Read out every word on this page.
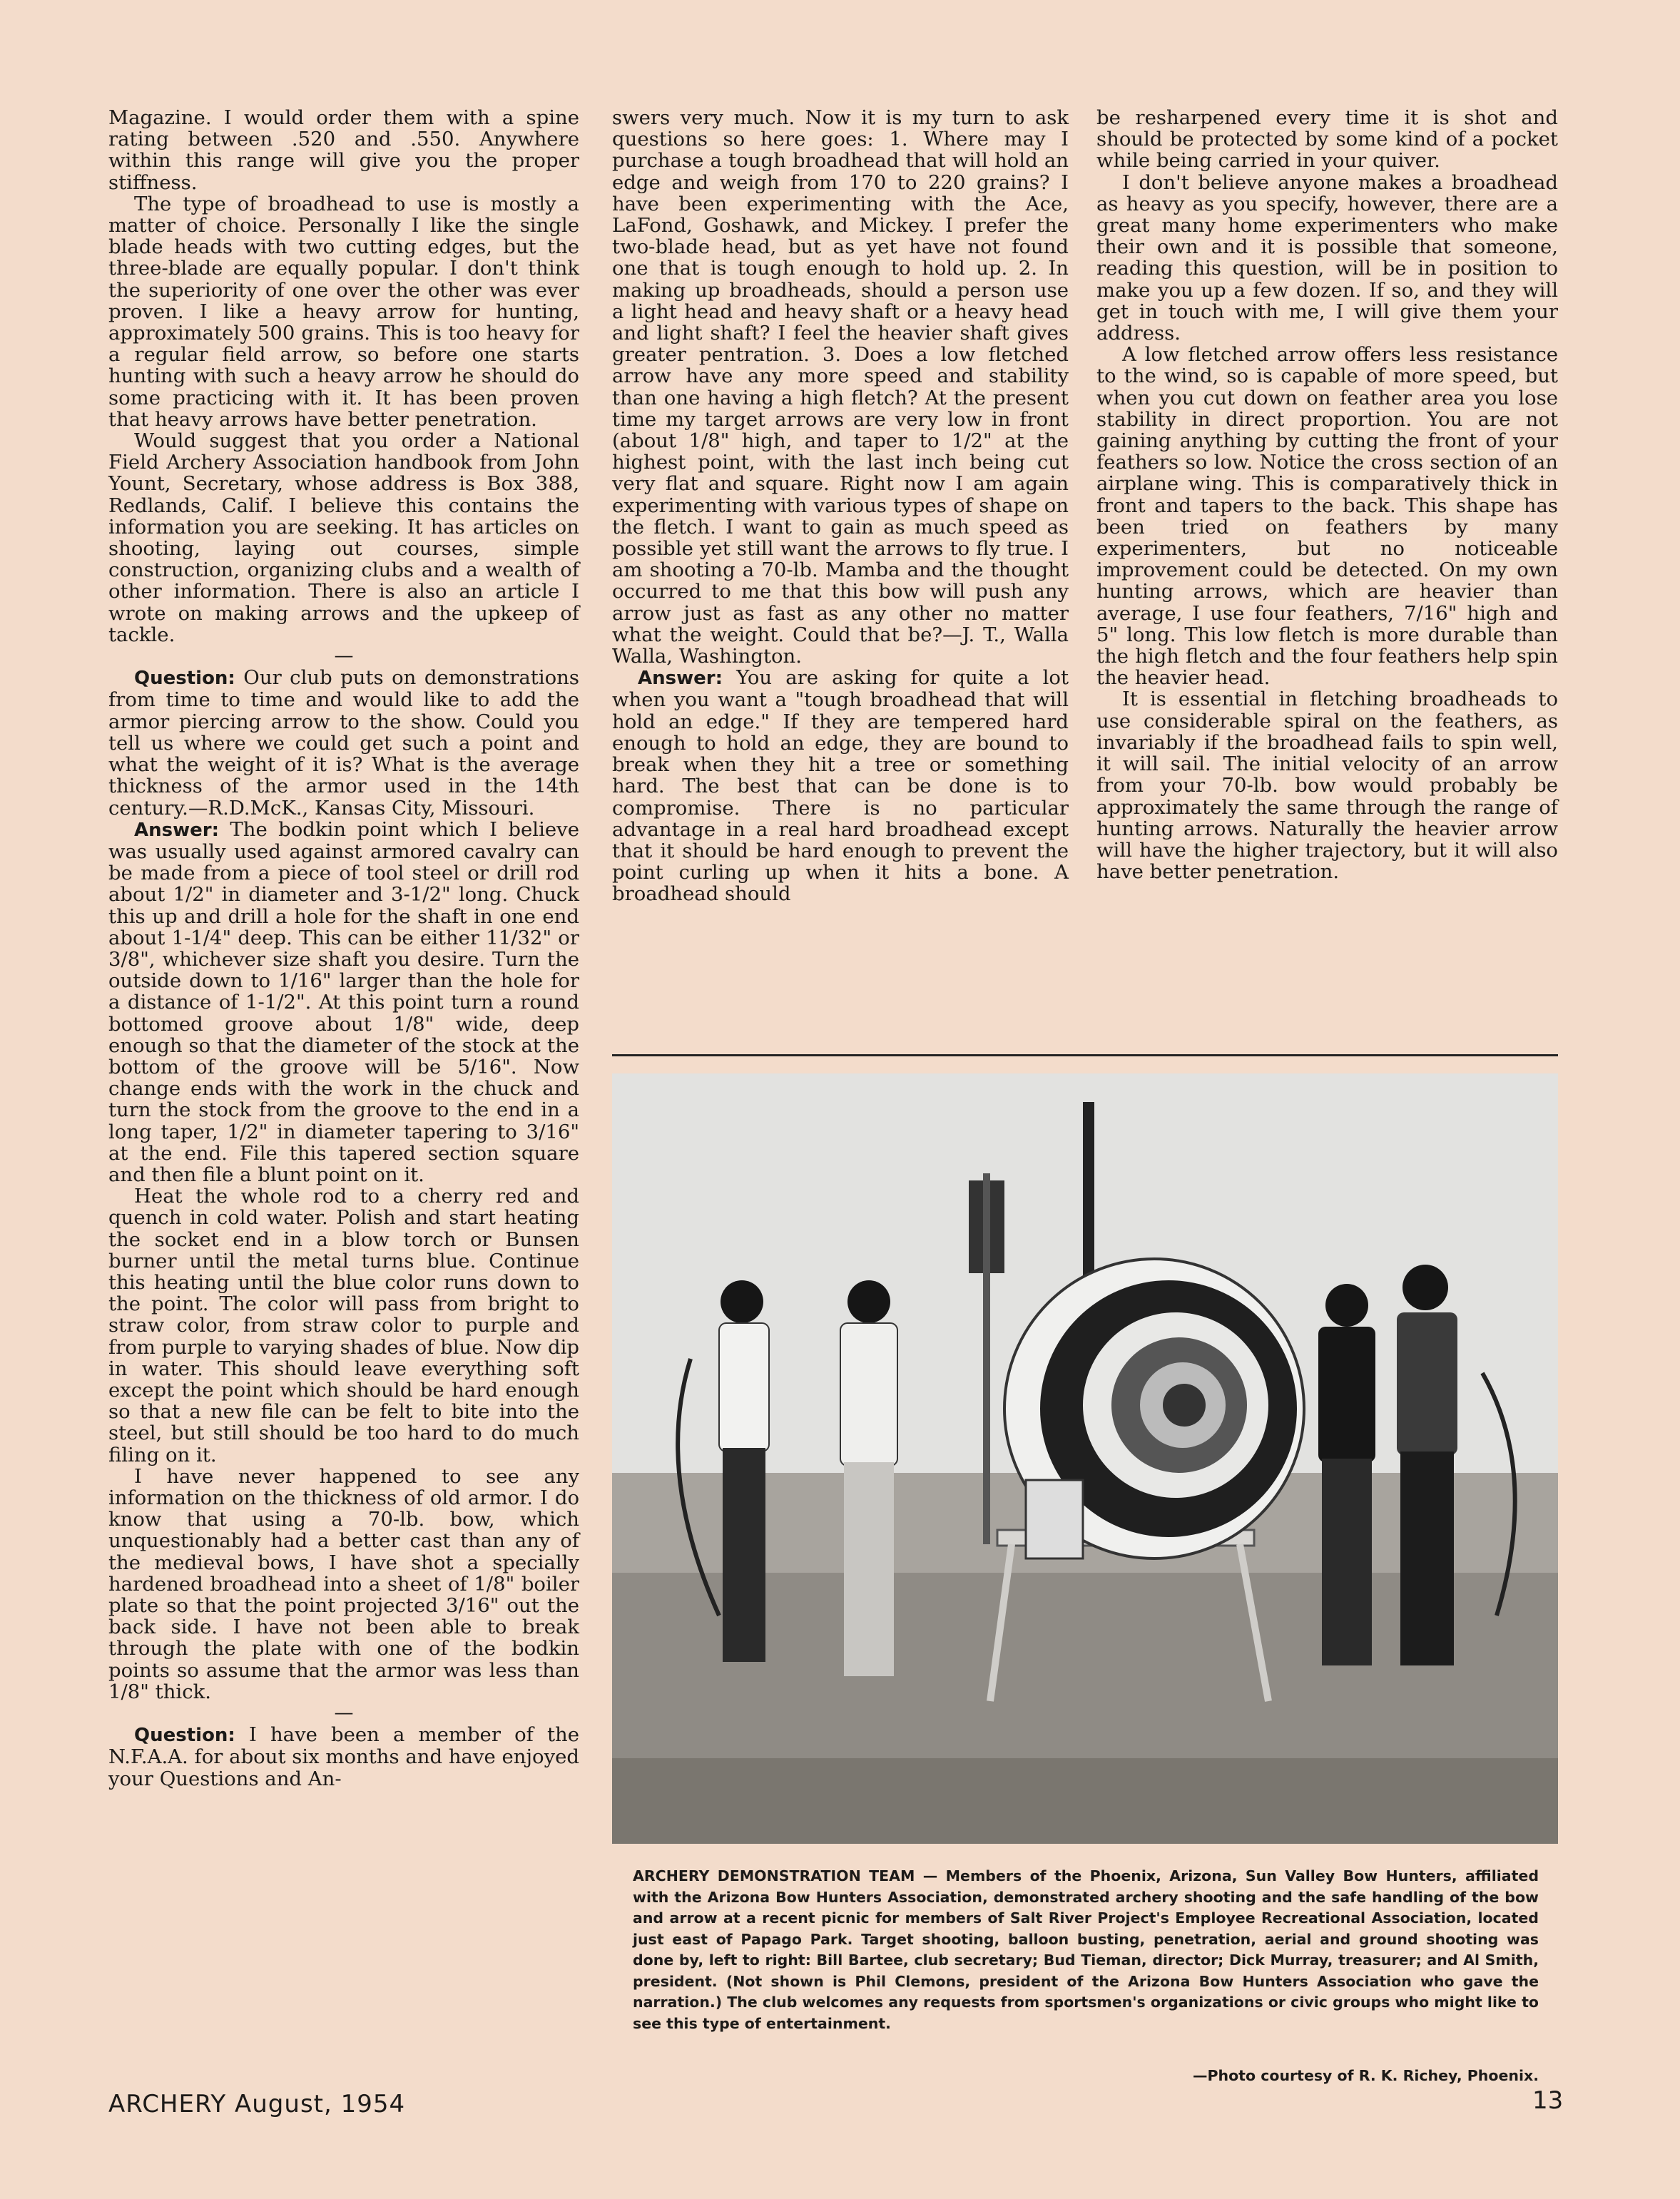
Magazine. I would order them with a spine rating between .520 and .550. Anywhere within this range will give you the proper stiffness.

The type of broadhead to use is mostly a matter of choice. Personally I like the single blade heads with two cutting edges, but the three-blade are equally popular. I don't think the superiority of one over the other was ever proven. I like a heavy arrow for hunting, approximately 500 grains. This is too heavy for a regular field arrow, so before one starts hunting with such a heavy arrow he should do some practicing with it. It has been proven that heavy arrows have better penetration.

Would suggest that you order a National Field Archery Association handbook from John Yount, Secretary, whose address is Box 388, Redlands, Calif. I believe this contains the information you are seeking. It has articles on shooting, laying out courses, simple construction, organizing clubs and a wealth of other information. There is also an article I wrote on making arrows and the upkeep of tackle.

—

Question: Our club puts on demonstrations from time to time and would like to add the armor piercing arrow to the show. Could you tell us where we could get such a point and what the weight of it is? What is the average thickness of the armor used in the 14th century.—R.D.McK., Kansas City, Missouri.

Answer: The bodkin point which I believe was usually used against armored cavalry can be made from a piece of tool steel or drill rod about 1/2" in diameter and 3-1/2" long. Chuck this up and drill a hole for the shaft in one end about 1-1/4" deep. This can be either 11/32" or 3/8", whichever size shaft you desire. Turn the outside down to 1/16" larger than the hole for a distance of 1-1/2". At this point turn a round bottomed groove about 1/8" wide, deep enough so that the diameter of the stock at the bottom of the groove will be 5/16". Now change ends with the work in the chuck and turn the stock from the groove to the end in a long taper, 1/2" in diameter tapering to 3/16" at the end. File this tapered section square and then file a blunt point on it.

Heat the whole rod to a cherry red and quench in cold water. Polish and start heating the socket end in a blow torch or Bunsen burner until the metal turns blue. Continue this heating until the blue color runs down to the point. The color will pass from bright to straw color, from straw color to purple and from purple to varying shades of blue. Now dip in water. This should leave everything soft except the point which should be hard enough so that a new file can be felt to bite into the steel, but still should be too hard to do much filing on it.

I have never happened to see any information on the thickness of old armor. I do know that using a 70-lb. bow, which unquestionably had a better cast than any of the medieval bows, I have shot a specially hardened broadhead into a sheet of 1/8" boiler plate so that the point projected 3/16" out the back side. I have not been able to break through the plate with one of the bodkin points so assume that the armor was less than 1/8" thick.

—

Question: I have been a member of the N.F.A.A. for about six months and have enjoyed your Questions and An-

swers very much. Now it is my turn to ask questions so here goes: 1. Where may I purchase a tough broadhead that will hold an edge and weigh from 170 to 220 grains? I have been experimenting with the Ace, LaFond, Goshawk, and Mickey. I prefer the two-blade head, but as yet have not found one that is tough enough to hold up. 2. In making up broadheads, should a person use a light head and heavy shaft or a heavy head and light shaft? I feel the heavier shaft gives greater pentration. 3. Does a low fletched arrow have any more speed and stability than one having a high fletch? At the present time my target arrows are very low in front (about 1/8" high, and taper to 1/2" at the highest point, with the last inch being cut very flat and square. Right now I am again experimenting with various types of shape on the fletch. I want to gain as much speed as possible yet still want the arrows to fly true. I am shooting a 70-lb. Mamba and the thought occurred to me that this bow will push any arrow just as fast as any other no matter what the weight. Could that be?—J. T., Walla Walla, Washington.

Answer: You are asking for quite a lot when you want a "tough broadhead that will hold an edge." If they are tempered hard enough to hold an edge, they are bound to break when they hit a tree or something hard. The best that can be done is to compromise. There is no particular advantage in a real hard broadhead except that it should be hard enough to prevent the point curling up when it hits a bone. A broadhead should

be resharpened every time it is shot and should be protected by some kind of a pocket while being carried in your quiver.

I don't believe anyone makes a broadhead as heavy as you specify, however, there are a great many home experimenters who make their own and it is possible that someone, reading this question, will be in position to make you up a few dozen. If so, and they will get in touch with me, I will give them your address.

A low fletched arrow offers less resistance to the wind, so is capable of more speed, but when you cut down on feather area you lose stability in direct proportion. You are not gaining anything by cutting the front of your feathers so low. Notice the cross section of an airplane wing. This is comparatively thick in front and tapers to the back. This shape has been tried on feathers by many experimenters, but no noticeable improvement could be detected. On my own hunting arrows, which are heavier than average, I use four feathers, 7/16" high and 5" long. This low fletch is more durable than the high fletch and the four feathers help spin the heavier head.

It is essential in fletching broadheads to use considerable spiral on the feathers, as invariably if the broadhead fails to spin well, it will sail. The initial velocity of an arrow from your 70-lb. bow would probably be approximately the same through the range of hunting arrows. Naturally the heavier arrow will have the higher trajectory, but it will also have better penetration.

ARCHERY DEMONSTRATION TEAM — Members of the Phoenix, Arizona, Sun Valley Bow Hunters, affiliated with the Arizona Bow Hunters Association, demonstrated archery shooting and the safe handling of the bow and arrow at a recent picnic for members of Salt River Project's Employee Recreational Association, located just east of Papago Park. Target shooting, balloon busting, penetration, aerial and ground shooting was done by, left to right: Bill Bartee, club secretary; Bud Tieman, director; Dick Murray, treasurer; and Al Smith, president. (Not shown is Phil Clemons, president of the Arizona Bow Hunters Association who gave the narration.) The club welcomes any requests from sportsmen's organizations or civic groups who might like to see this type of entertainment.
—Photo courtesy of R. K. Richey, Phoenix.
ARCHERY August, 1954	13
